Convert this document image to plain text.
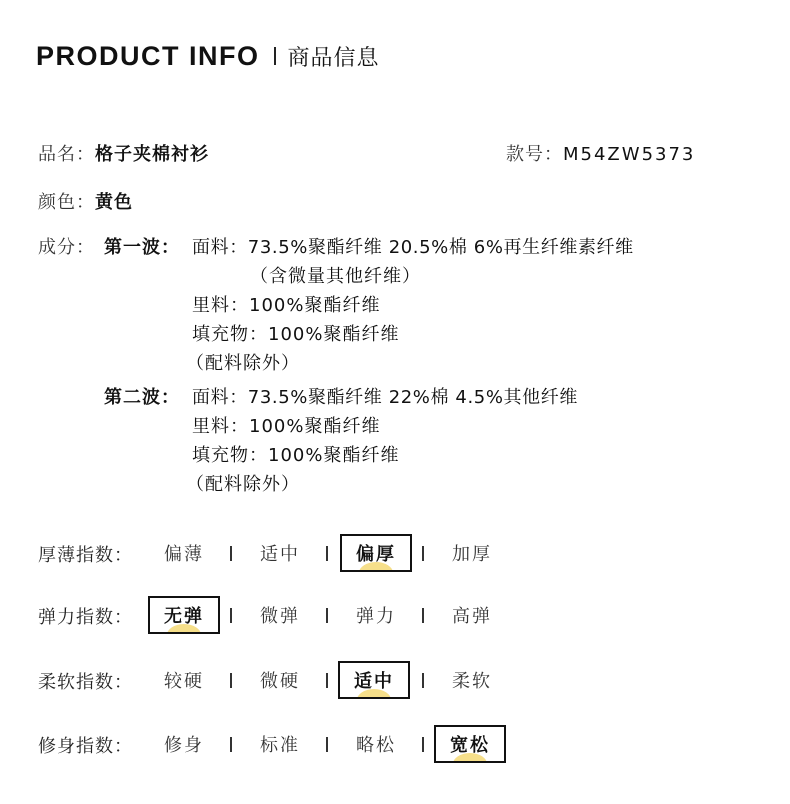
PRODUCT INFO 商品信息
品名：格子夹棉衬衫	款号：M54ZW5373
颜色：黄色
成分： 第一波： 面料：73.5%聚酯纤维 20.5%棉 6%再生纤维素纤维
（含微量其他纤维）
里料：100%聚酯纤维
填充物：100%聚酯纤维
（配料除外）
第二波： 面料：73.5%聚酯纤维 22%棉 4.5%其他纤维
里料：100%聚酯纤维
填充物：100%聚酯纤维
（配料除外）
厚薄指数： 偏薄	适中	偏厚	加厚
弹力指数： 无弹	微弹	弹力	高弹
柔软指数： 较硬	微硬	适中	柔软
修身指数： 修身	标准	略松	宽松
